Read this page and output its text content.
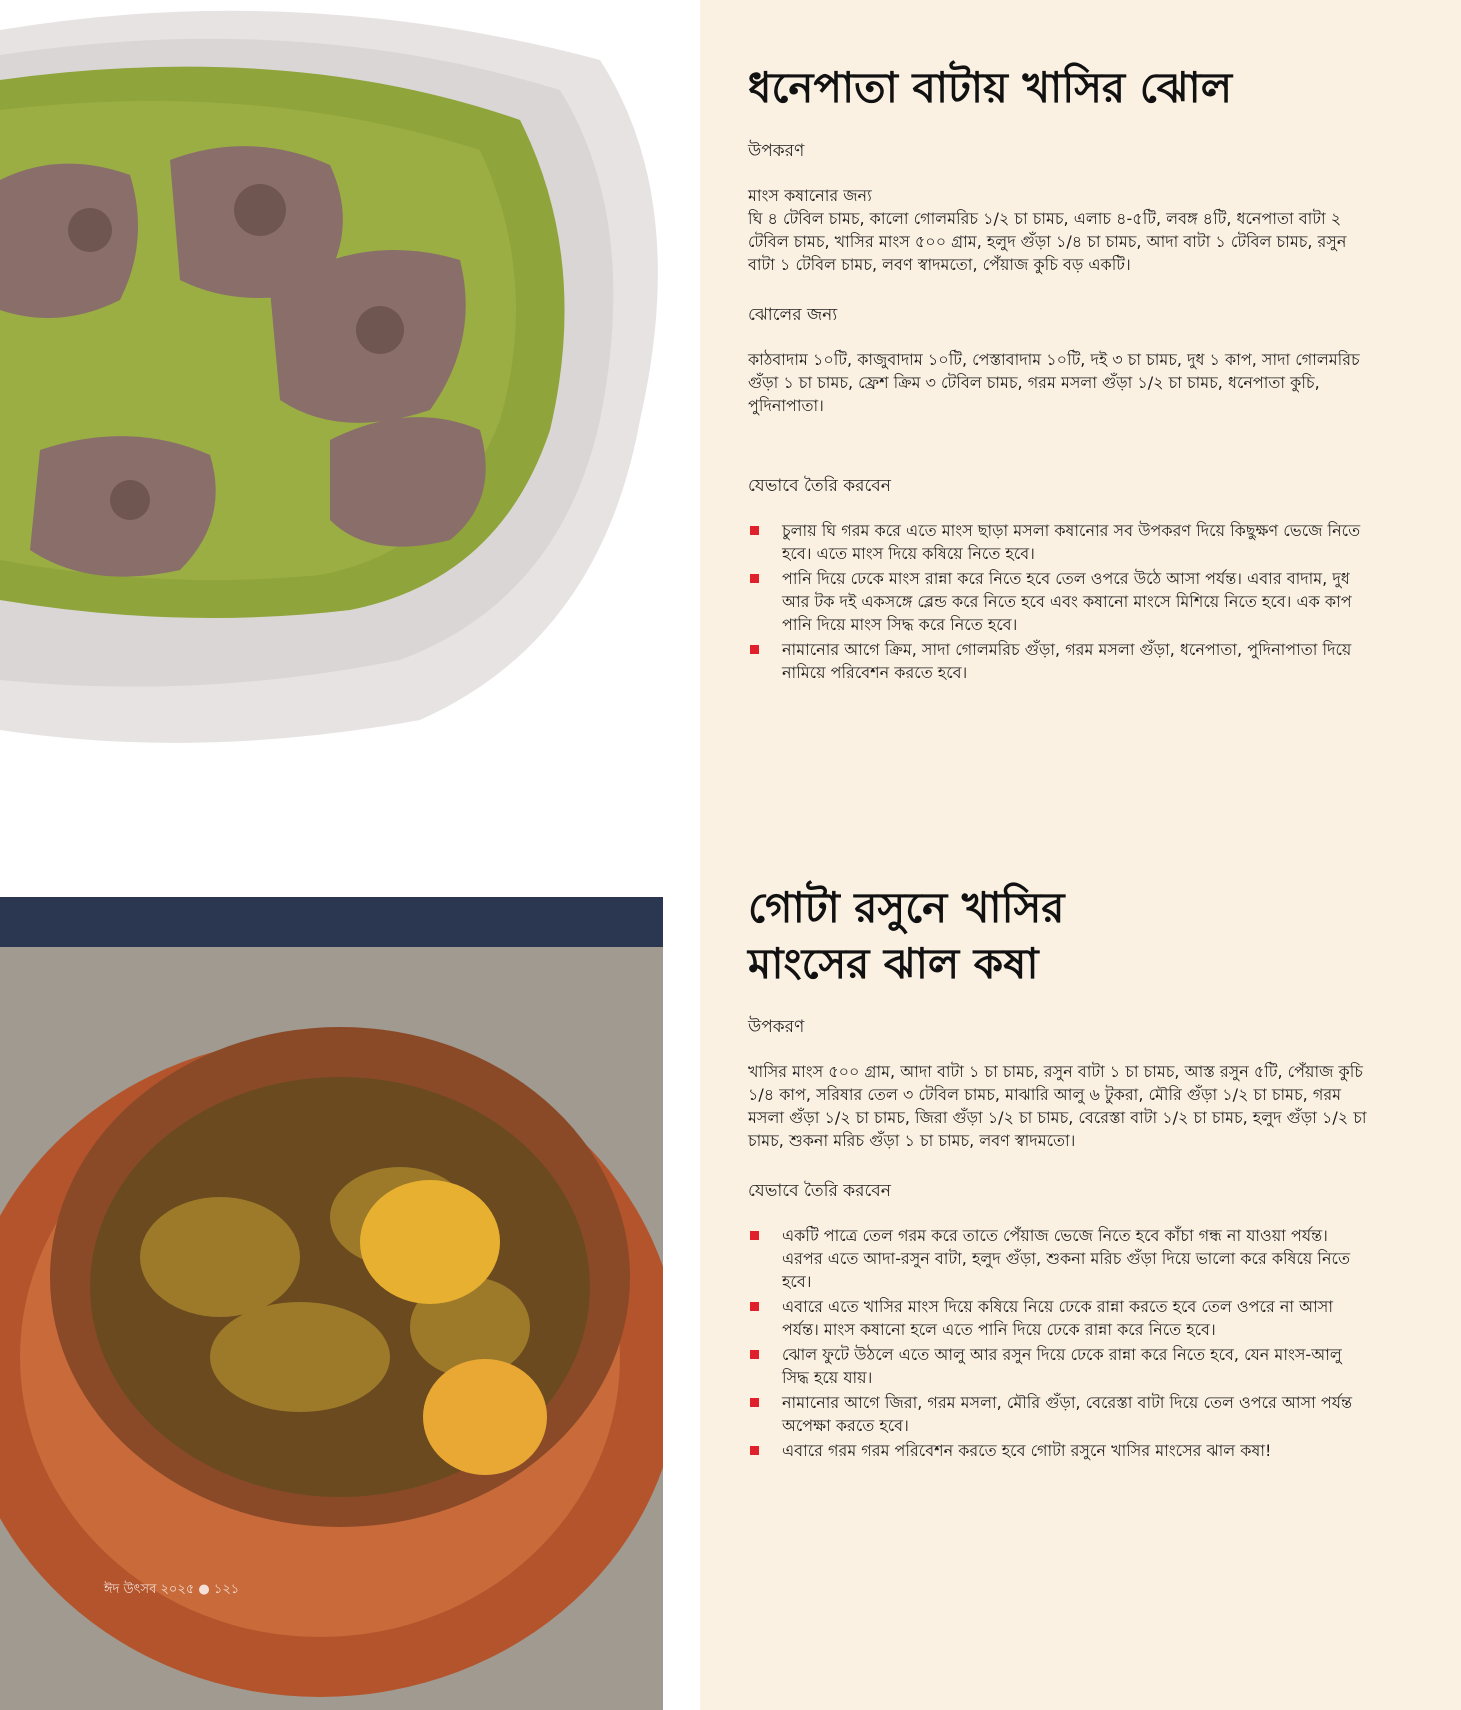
ঈদ উৎসব ২০২৫ ● ১২১
ধনেপাতা বাটায় খাসির ঝোল

উপকরণ

মাংস কষানোর জন্য
ঘি ৪ টেবিল চামচ, কালো গোলমরিচ ১/২ চা চামচ, এলাচ ৪-৫টি, লবঙ্গ ৪টি, ধনেপাতা বাটা ২ টেবিল চামচ, খাসির মাংস ৫০০ গ্রাম, হলুদ গুঁড়া ১/৪ চা চামচ, আদা বাটা ১ টেবিল চামচ, রসুন বাটা ১ টেবিল চামচ, লবণ স্বাদমতো, পেঁয়াজ কুচি বড় একটি।

ঝোলের জন্য

কাঠবাদাম ১০টি, কাজুবাদাম ১০টি, পেস্তাবাদাম ১০টি, দই ৩ চা চামচ, দুধ ১ কাপ, সাদা গোলমরিচ গুঁড়া ১ চা চামচ, ফ্রেশ ক্রিম ৩ টেবিল চামচ, গরম মসলা গুঁড়া ১/২ চা চামচ, ধনেপাতা কুচি, পুদিনাপাতা।

যেভাবে তৈরি করবেন

চুলায় ঘি গরম করে এতে মাংস ছাড়া মসলা কষানোর সব উপকরণ দিয়ে কিছুক্ষণ ভেজে নিতে হবে। এতে মাংস দিয়ে কষিয়ে নিতে হবে।
পানি দিয়ে ঢেকে মাংস রান্না করে নিতে হবে তেল ওপরে উঠে আসা পর্যন্ত। এবার বাদাম, দুধ আর টক দই একসঙ্গে ব্লেন্ড করে নিতে হবে এবং কষানো মাংসে মিশিয়ে নিতে হবে। এক কাপ পানি দিয়ে মাংস সিদ্ধ করে নিতে হবে।
নামানোর আগে ক্রিম, সাদা গোলমরিচ গুঁড়া, গরম মসলা গুঁড়া, ধনেপাতা, পুদিনাপাতা দিয়ে নামিয়ে পরিবেশন করতে হবে।
গোটা রসুনে খাসির
মাংসের ঝাল কষা

উপকরণ

খাসির মাংস ৫০০ গ্রাম, আদা বাটা ১ চা চামচ, রসুন বাটা ১ চা চামচ, আস্ত রসুন ৫টি, পেঁয়াজ কুচি ১/৪ কাপ, সরিষার তেল ৩ টেবিল চামচ, মাঝারি আলু ৬ টুকরা, মৌরি গুঁড়া ১/২ চা চামচ, গরম মসলা গুঁড়া ১/২ চা চামচ, জিরা গুঁড়া ১/২ চা চামচ, বেরেস্তা বাটা ১/২ চা চামচ, হলুদ গুঁড়া ১/২ চা চামচ, শুকনা মরিচ গুঁড়া ১ চা চামচ, লবণ স্বাদমতো।

যেভাবে তৈরি করবেন

একটি পাত্রে তেল গরম করে তাতে পেঁয়াজ ভেজে নিতে হবে কাঁচা গন্ধ না যাওয়া পর্যন্ত। এরপর এতে আদা-রসুন বাটা, হলুদ গুঁড়া, শুকনা মরিচ গুঁড়া দিয়ে ভালো করে কষিয়ে নিতে হবে।
এবারে এতে খাসির মাংস দিয়ে কষিয়ে নিয়ে ঢেকে রান্না করতে হবে তেল ওপরে না আসা পর্যন্ত। মাংস কষানো হলে এতে পানি দিয়ে ঢেকে রান্না করে নিতে হবে।
ঝোল ফুটে উঠলে এতে আলু আর রসুন দিয়ে ঢেকে রান্না করে নিতে হবে, যেন মাংস-আলু সিদ্ধ হয়ে যায়।
নামানোর আগে জিরা, গরম মসলা, মৌরি গুঁড়া, বেরেস্তা বাটা দিয়ে তেল ওপরে আসা পর্যন্ত অপেক্ষা করতে হবে।
এবারে গরম গরম পরিবেশন করতে হবে গোটা রসুনে খাসির মাংসের ঝাল কষা!
